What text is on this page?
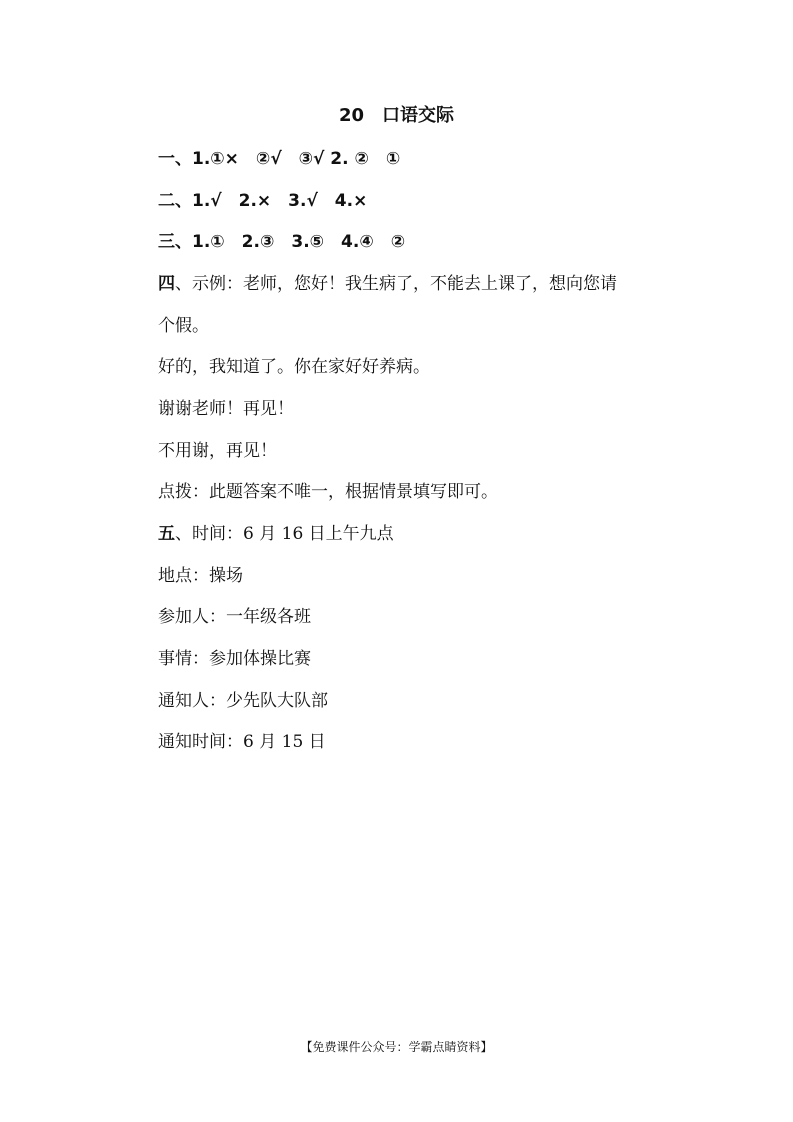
20　口语交际
一、1.①×　②√　③√ 2. ②　①
二、1.√　2.×　3.√　4.×
三、1.①　2.③　3.⑤　4.④　②
四、示例：老师，您好！我生病了，不能去上课了，想向您请
个假。
好的，我知道了。你在家好好养病。
谢谢老师！再见！
不用谢，再见！
点拨：此题答案不唯一，根据情景填写即可。
五、时间：6 月 16 日上午九点
地点：操场
参加人：一年级各班
事情：参加体操比赛
通知人：少先队大队部
通知时间：6 月 15 日
【免费课件公众号：学霸点睛资料】
